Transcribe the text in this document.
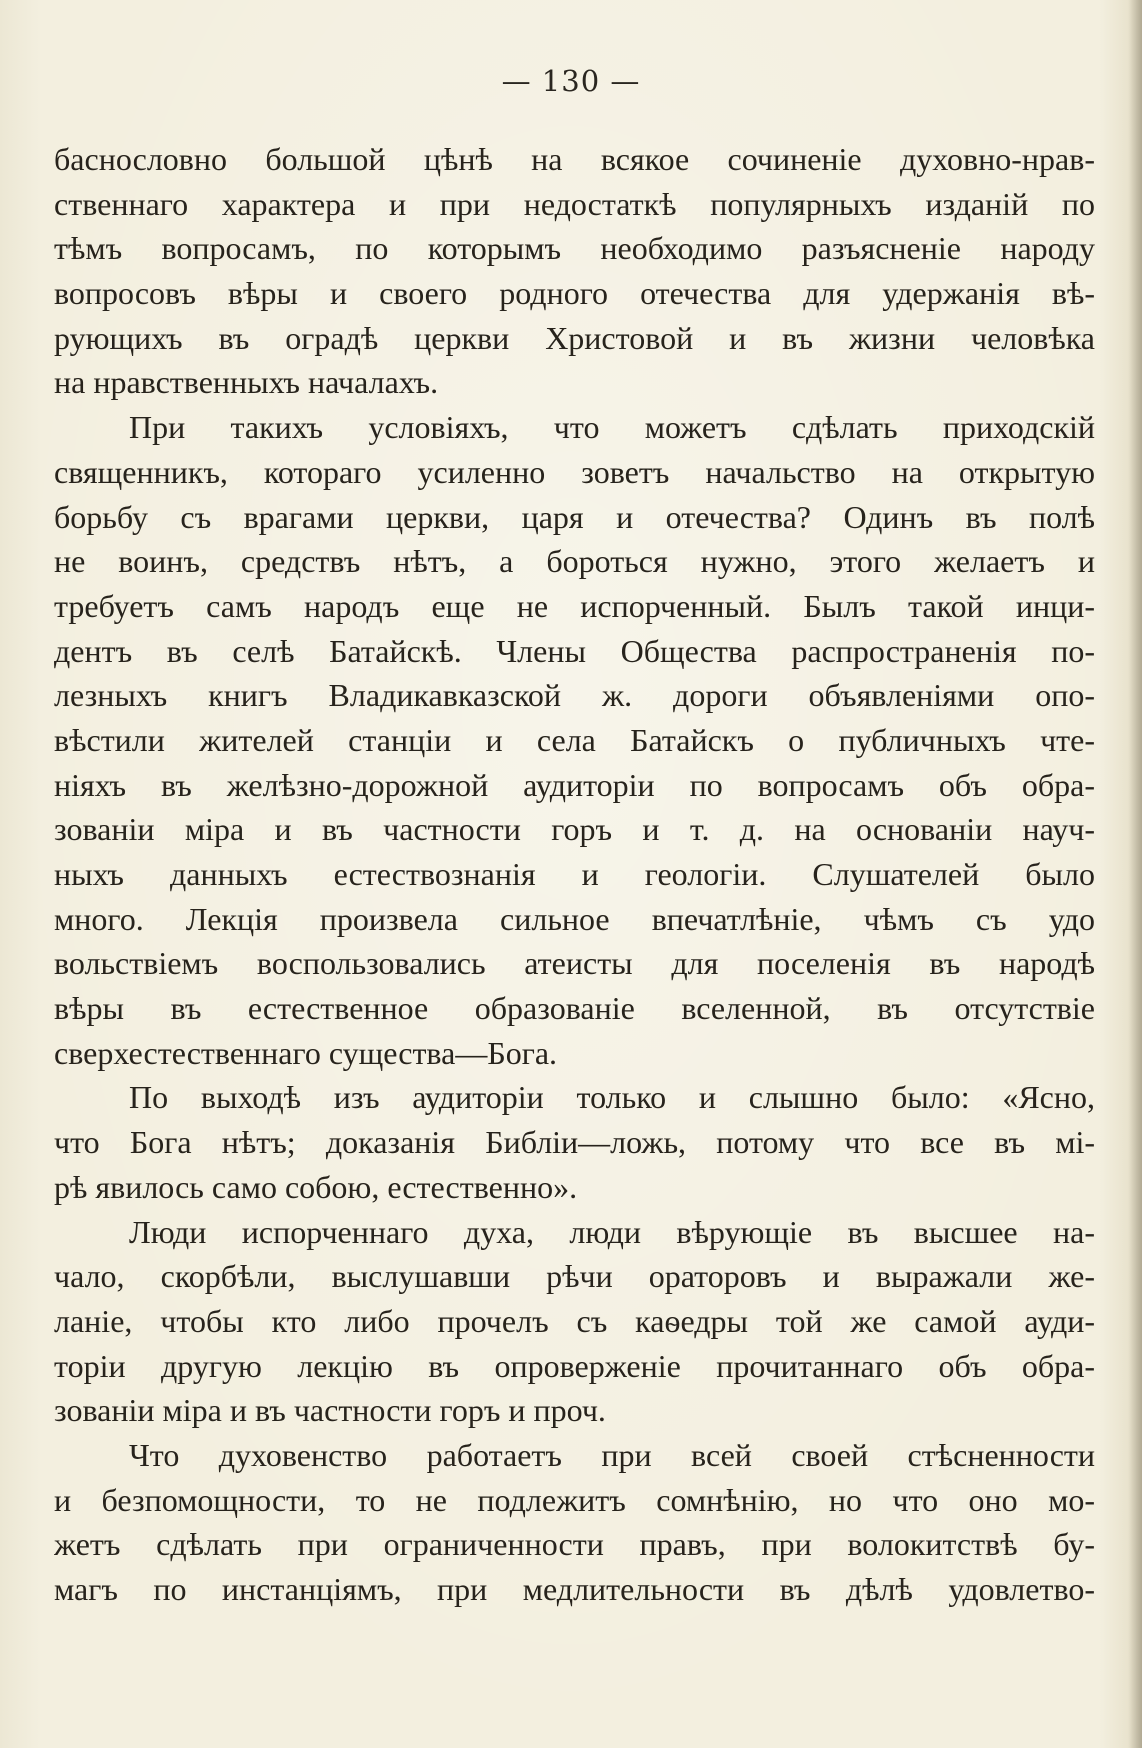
— 130 —
баснословно большой цѣнѣ на всякое сочиненіе духовно-нрав-
ственнаго характера и при недостаткѣ популярныхъ изданій по
тѣмъ вопросамъ, по которымъ необходимо разъясненіе народу
вопросовъ вѣры и своего родного отечества для удержанія вѣ-
рующихъ въ оградѣ церкви Христовой и въ жизни человѣка
на нравственныхъ началахъ.
При такихъ условіяхъ, что можетъ сдѣлать приходскій
священникъ, котораго усиленно зоветъ начальство на открытую
борьбу съ врагами церкви, царя и отечества? Одинъ въ полѣ
не воинъ, средствъ нѣтъ, а бороться нужно, этого желаетъ и
требуетъ самъ народъ еще не испорченный. Былъ такой инци-
дентъ въ селѣ Батайскѣ. Члены Общества распространенія по-
лезныхъ книгъ Владикавказской ж. дороги объявленіями опо-
вѣстили жителей станціи и села Батайскъ о публичныхъ чте-
ніяхъ въ желѣзно-дорожной аудиторіи по вопросамъ объ обра-
зованіи міра и въ частности горъ и т. д. на основаніи науч-
ныхъ данныхъ естествознанія и геологіи. Слушателей было
много. Лекція произвела сильное впечатлѣніе, чѣмъ съ удо
вольствіемъ воспользовались атеисты для поселенія въ народѣ
вѣры въ естественное образованіе вселенной, въ отсутствіе
сверхестественнаго существа—Бога.
По выходѣ изъ аудиторіи только и слышно было: «Ясно,
что Бога нѣтъ; доказанія Библіи—ложь, потому что все въ мі-
рѣ явилось само собою, естественно».
Люди испорченнаго духа, люди вѣрующіе въ высшее на-
чало, скорбѣли, выслушавши рѣчи ораторовъ и выражали же-
ланіе, чтобы кто либо прочелъ съ каѳедры той же самой ауди-
торіи другую лекцію въ опроверженіе прочитаннаго объ обра-
зованіи міра и въ частности горъ и проч.
Что духовенство работаетъ при всей своей стѣсненности
и безпомощности, то не подлежитъ сомнѣнію, но что оно мо-
жетъ сдѣлать при ограниченности правъ, при волокитствѣ бу-
магъ по инстанціямъ, при медлительности въ дѣлѣ удовлетво-
